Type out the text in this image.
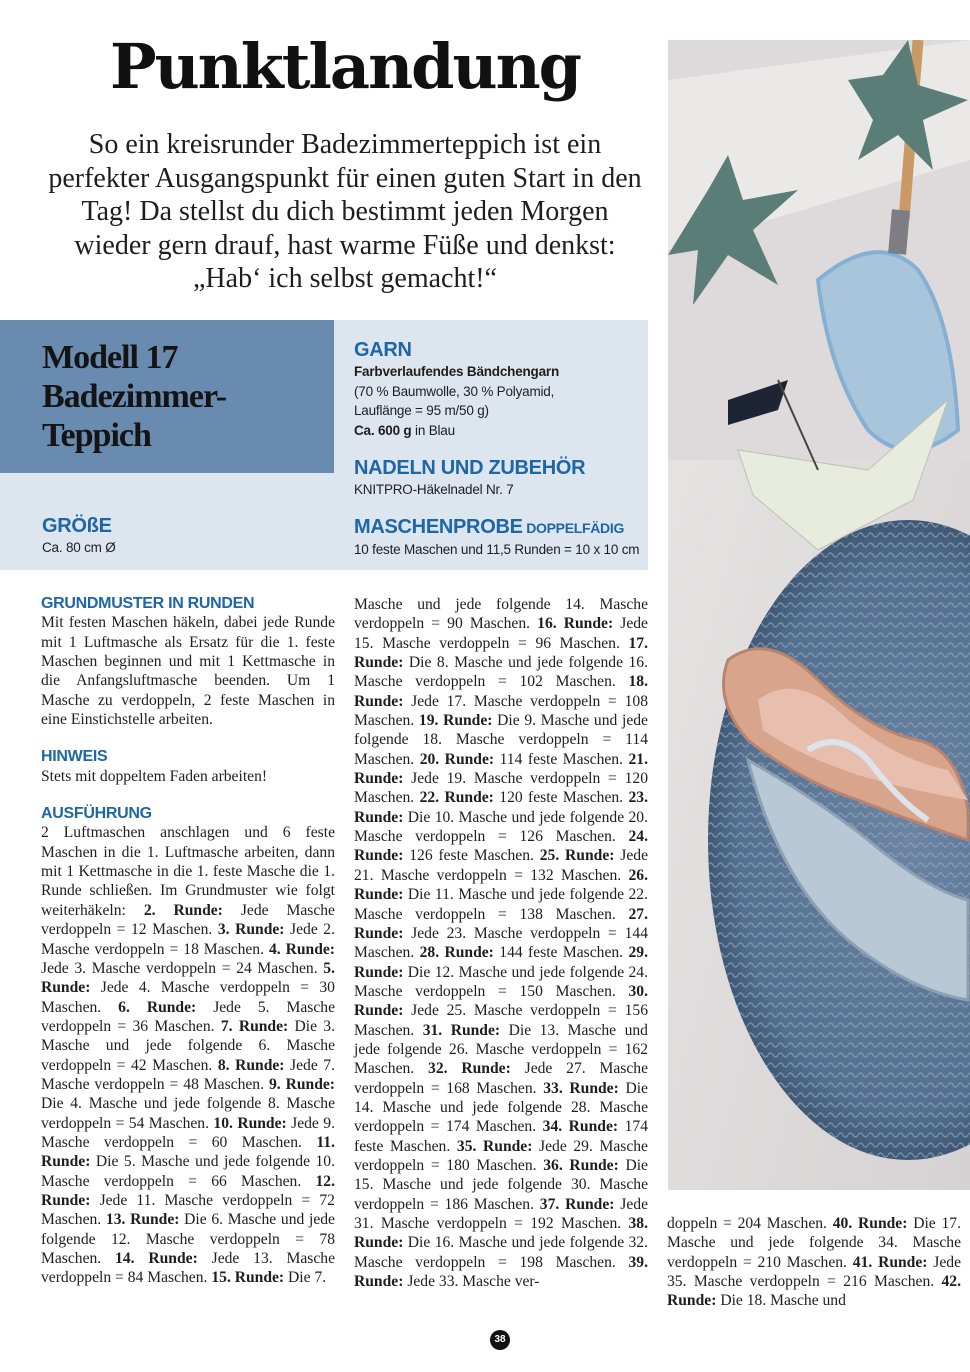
Punktlandung

So ein kreisrunder Badezimmerteppich ist ein perfekter Ausgangspunkt für einen guten Start in den Tag! Da stellst du dich bestimmt jeden Morgen wieder gern drauf, hast warme Füße und denkst: „Hab‘ ich selbst gemacht!“

Modell 17
Badezimmer-
Teppich
GRÖßE
Ca. 80 cm Ø
GARN
Farbverlaufendes Bändchengarn
(70 % Baumwolle, 30 % Polyamid,
Lauflänge = 95 m/50 g)
Ca. 600 g in Blau
NADELN UND ZUBEHÖR
KNITPRO-Häkelnadel Nr. 7
MASCHENPROBE DOPPELFÄDIG
10 feste Maschen und 11,5 Runden = 10 x 10 cm
GRUNDMUSTER IN RUNDEN

Mit festen Maschen häkeln, dabei jede Runde mit 1 Luftmasche als Ersatz für die 1. feste Maschen beginnen und mit 1 Kettmasche in die Anfangsluftmasche beenden. Um 1 Masche zu verdoppeln, 2 feste Maschen in eine Einstichstelle arbeiten.

HINWEIS

Stets mit doppeltem Faden arbeiten!

AUSFÜHRUNG

2 Luftmaschen anschlagen und 6 feste Maschen in die 1. Luftmasche arbeiten, dann mit 1 Kettmasche in die 1. feste Masche die 1. Runde schließen. Im Grundmuster wie folgt weiterhäkeln: 2. Runde: Jede Masche verdoppeln = 12 Maschen. 3. Runde: Jede 2. Masche verdoppeln = 18 Maschen. 4. Runde: Jede 3. Masche verdoppeln = 24 Maschen. 5. Runde: Jede 4. Masche verdoppeln = 30 Maschen. 6. Runde: Jede 5. Masche verdoppeln = 36 Maschen. 7. Runde: Die 3. Masche und jede folgende 6. Masche verdoppeln = 42 Maschen. 8. Runde: Jede 7. Masche verdoppeln = 48 Maschen. 9. Runde: Die 4. Masche und jede folgende 8. Masche verdoppeln = 54 Maschen. 10. Runde: Jede 9. Masche verdoppeln = 60 Maschen. 11. Runde: Die 5. Masche und jede folgende 10. Masche verdoppeln = 66 Maschen. 12. Runde: Jede 11. Masche verdoppeln = 72 Maschen. 13. Runde: Die 6. Masche und jede folgende 12. Masche verdoppeln = 78 Maschen. 14. Runde: Jede 13. Masche verdoppeln = 84 Maschen. 15. Runde: Die 7.

Masche und jede folgende 14. Masche verdoppeln = 90 Maschen. 16. Runde: Jede 15. Masche verdoppeln = 96 Maschen. 17. Runde: Die 8. Masche und jede folgende 16. Masche verdoppeln = 102 Maschen. 18. Runde: Jede 17. Masche verdoppeln = 108 Maschen. 19. Runde: Die 9. Masche und jede folgende 18. Masche verdoppeln = 114 Maschen. 20. Runde: 114 feste Maschen. 21. Runde: Jede 19. Masche verdoppeln = 120 Maschen. 22. Runde: 120 feste Maschen. 23. Runde: Die 10. Masche und jede folgende 20. Masche verdoppeln = 126 Maschen. 24. Runde: 126 feste Maschen. 25. Runde: Jede 21. Masche verdoppeln = 132 Maschen. 26. Runde: Die 11. Masche und jede folgende 22. Masche verdoppeln = 138 Maschen. 27. Runde: Jede 23. Masche verdoppeln = 144 Maschen. 28. Runde: 144 feste Maschen. 29. Runde: Die 12. Masche und jede folgende 24. Masche verdoppeln = 150 Maschen. 30. Runde: Jede 25. Masche verdoppeln = 156 Maschen. 31. Runde: Die 13. Masche und jede folgende 26. Masche verdoppeln = 162 Maschen. 32. Runde: Jede 27. Masche verdoppeln = 168 Maschen. 33. Runde: Die 14. Masche und jede folgende 28. Masche verdoppeln = 174 Maschen. 34. Runde: 174 feste Maschen. 35. Runde: Jede 29. Masche verdoppeln = 180 Maschen. 36. Runde: Die 15. Masche und jede folgende 30. Masche verdoppeln = 186 Maschen. 37. Runde: Jede 31. Masche verdoppeln = 192 Maschen. 38. Runde: Die 16. Masche und jede folgende 32. Masche verdoppeln = 198 Maschen. 39. Runde: Jede 33. Masche ver-

doppeln = 204 Maschen. 40. Runde: Die 17. Masche und jede folgende 34. Masche verdoppeln = 210 Maschen. 41. Runde: Jede 35. Masche verdoppeln = 216 Maschen. 42. Runde: Die 18. Masche und

38
